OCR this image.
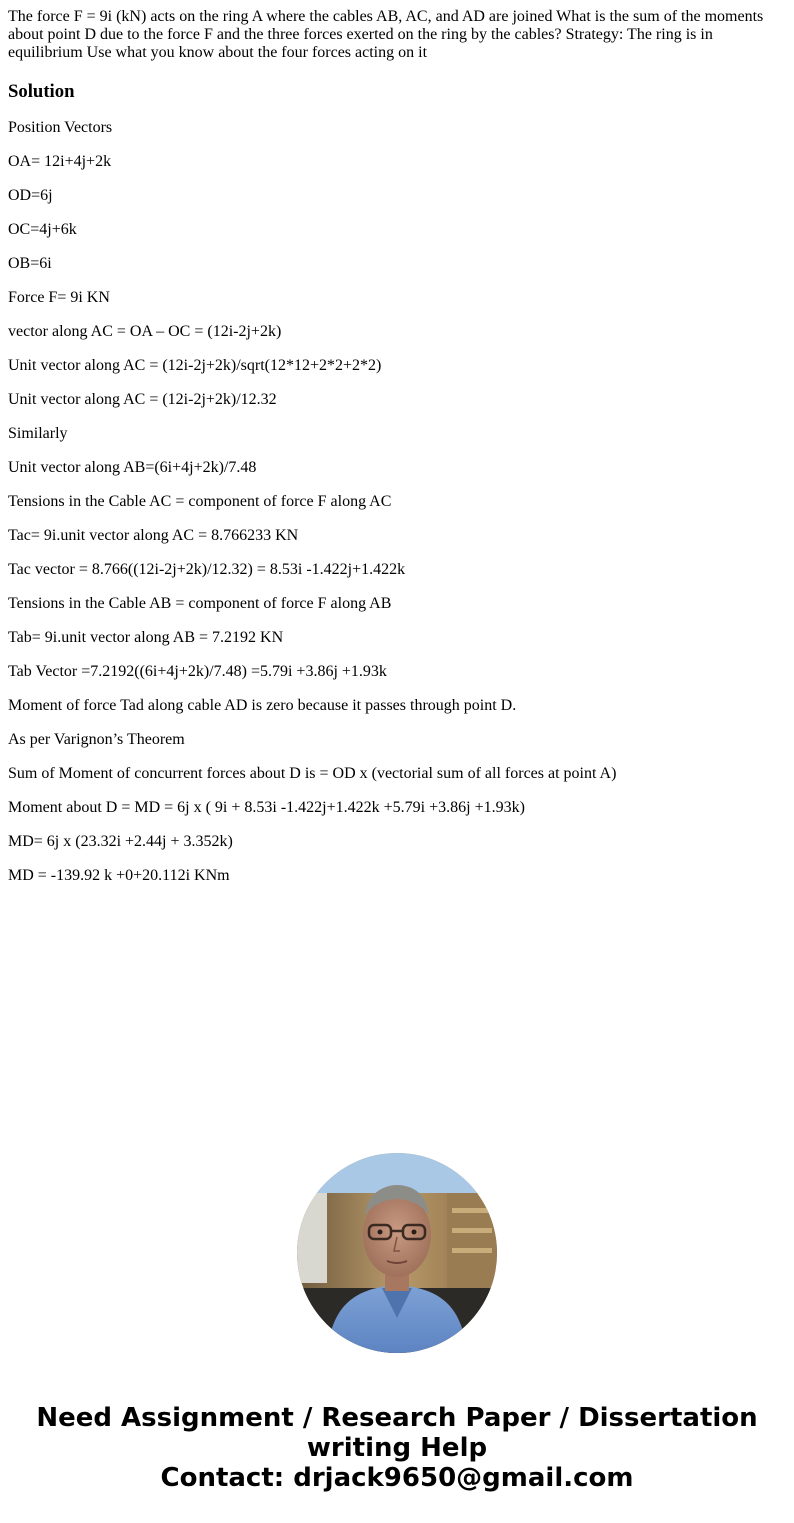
The force F = 9i (kN) acts on the ring A where the cables AB, AC, and AD are joined What is the sum of the moments about point D due to the force F and the three forces exerted on the ring by the cables? Strategy: The ring is in equilibrium Use what you know about the four forces acting on it

Solution

Position Vectors

OA= 12i+4j+2k

OD=6j

OC=4j+6k

OB=6i

Force F= 9i KN

vector along AC = OA – OC = (12i-2j+2k)

Unit vector along AC = (12i-2j+2k)/sqrt(12*12+2*2+2*2)

Unit vector along AC = (12i-2j+2k)/12.32

Similarly

Unit vector along AB=(6i+4j+2k)/7.48

Tensions in the Cable AC = component of force F along AC

Tac= 9i.unit vector along AC = 8.766233 KN

Tac vector = 8.766((12i-2j+2k)/12.32) = 8.53i -1.422j+1.422k

Tensions in the Cable AB = component of force F along AB

Tab= 9i.unit vector along AB = 7.2192 KN

Tab Vector =7.2192((6i+4j+2k)/7.48) =5.79i +3.86j +1.93k

Moment of force Tad along cable AD is zero because it passes through point D.

As per Varignon’s Theorem

Sum of Moment of concurrent forces about D is = OD x (vectorial sum of all forces at point A)

Moment about D = MD = 6j x ( 9i + 8.53i -1.422j+1.422k +5.79i +3.86j +1.93k)

MD= 6j x (23.32i +2.44j + 3.352k)

MD = -139.92 k +0+20.112i KNm

Need Assignment / Research Paper / Dissertation
writing Help
Contact: drjack9650@gmail.com
